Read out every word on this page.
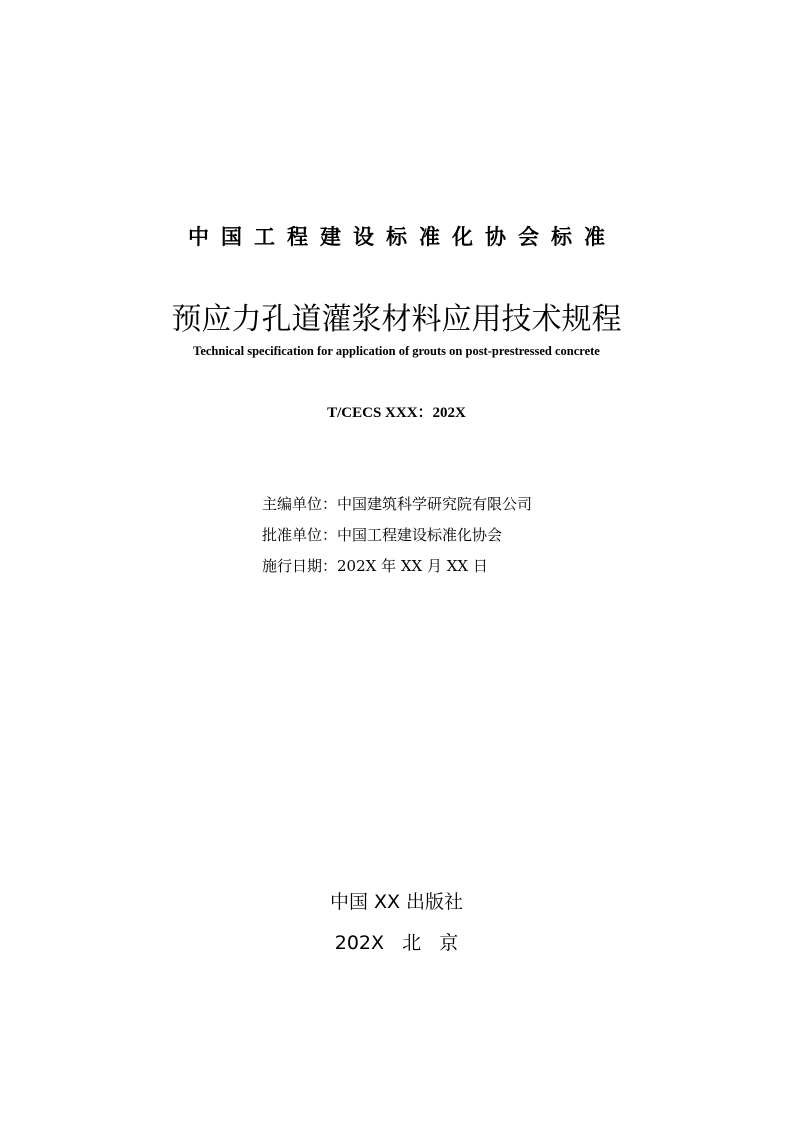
中国工程建设标准化协会标准
预应力孔道灌浆材料应用技术规程
Technical specification for application of grouts on post-prestressed concrete
T/CECS XXX：202X
主编单位：中国建筑科学研究院有限公司
批准单位：中国工程建设标准化协会
施行日期：202X 年 XX 月 XX 日
中国 XX 出版社
202X   北   京
